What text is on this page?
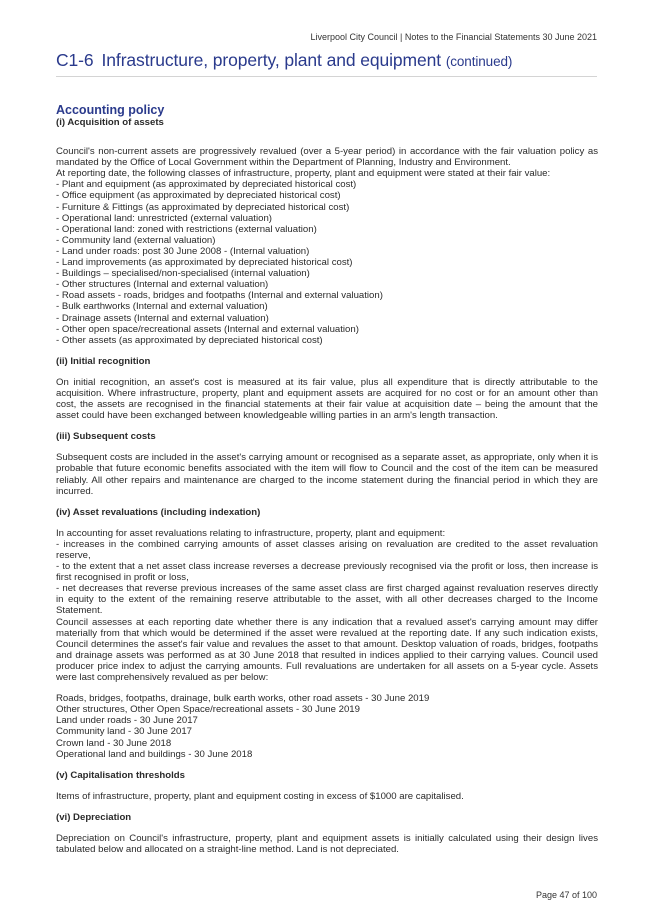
Liverpool City Council | Notes to the Financial Statements 30 June 2021
C1-6 Infrastructure, property, plant and equipment (continued)

Accounting policy
(i) Acquisition of assets

Council's non-current assets are progressively revalued (over a 5-year period) in accordance with the fair valuation policy as mandated by the Office of Local Government within the Department of Planning, Industry and Environment.

At reporting date, the following classes of infrastructure, property, plant and equipment were stated at their fair value:

- Plant and equipment (as approximated by depreciated historical cost)
- Office equipment (as approximated by depreciated historical cost)
- Furniture & Fittings (as approximated by depreciated historical cost)
- Operational land: unrestricted (external valuation)
- Operational land: zoned with restrictions (external valuation)
- Community land (external valuation)
- Land under roads: post 30 June 2008 - (Internal valuation)
- Land improvements (as approximated by depreciated historical cost)
- Buildings – specialised/non-specialised (internal valuation)
- Other structures (Internal and external valuation)
- Road assets - roads, bridges and footpaths (Internal and external valuation)
- Bulk earthworks (Internal and external valuation)
- Drainage assets (Internal and external valuation)
- Other open space/recreational assets (Internal and external valuation)
- Other assets (as approximated by depreciated historical cost)
(ii) Initial recognition

On initial recognition, an asset's cost is measured at its fair value, plus all expenditure that is directly attributable to the acquisition. Where infrastructure, property, plant and equipment assets are acquired for no cost or for an amount other than cost, the assets are recognised in the financial statements at their fair value at acquisition date – being the amount that the asset could have been exchanged between knowledgeable willing parties in an arm's length transaction.

(iii) Subsequent costs

Subsequent costs are included in the asset's carrying amount or recognised as a separate asset, as appropriate, only when it is probable that future economic benefits associated with the item will flow to Council and the cost of the item can be measured reliably. All other repairs and maintenance are charged to the income statement during the financial period in which they are incurred.

(iv) Asset revaluations (including indexation)

In accounting for asset revaluations relating to infrastructure, property, plant and equipment:

- increases in the combined carrying amounts of asset classes arising on revaluation are credited to the asset revaluation reserve,

- to the extent that a net asset class increase reverses a decrease previously recognised via the profit or loss, then increase is first recognised in profit or loss,

- net decreases that reverse previous increases of the same asset class are first charged against revaluation reserves directly in equity to the extent of the remaining reserve attributable to the asset, with all other decreases charged to the Income Statement.

Council assesses at each reporting date whether there is any indication that a revalued asset's carrying amount may differ materially from that which would be determined if the asset were revalued at the reporting date. If any such indication exists, Council determines the asset's fair value and revalues the asset to that amount. Desktop valuation of roads, bridges, footpaths and drainage assets was performed as at 30 June 2018 that resulted in indices applied to their carrying values. Council used producer price index to adjust the carrying amounts. Full revaluations are undertaken for all assets on a 5-year cycle. Assets were last comprehensively revalued as per below:

Roads, bridges, footpaths, drainage, bulk earth works, other road assets - 30 June 2019
Other structures, Other Open Space/recreational assets - 30 June 2019
Land under roads - 30 June 2017
Community land - 30 June 2017
Crown land - 30 June 2018
Operational land and buildings - 30 June 2018
(v) Capitalisation thresholds

Items of infrastructure, property, plant and equipment costing in excess of $1000 are capitalised.

(vi) Depreciation

Depreciation on Council's infrastructure, property, plant and equipment assets is initially calculated using their design lives tabulated below and allocated on a straight-line method. Land is not depreciated.

Page 47 of 100
